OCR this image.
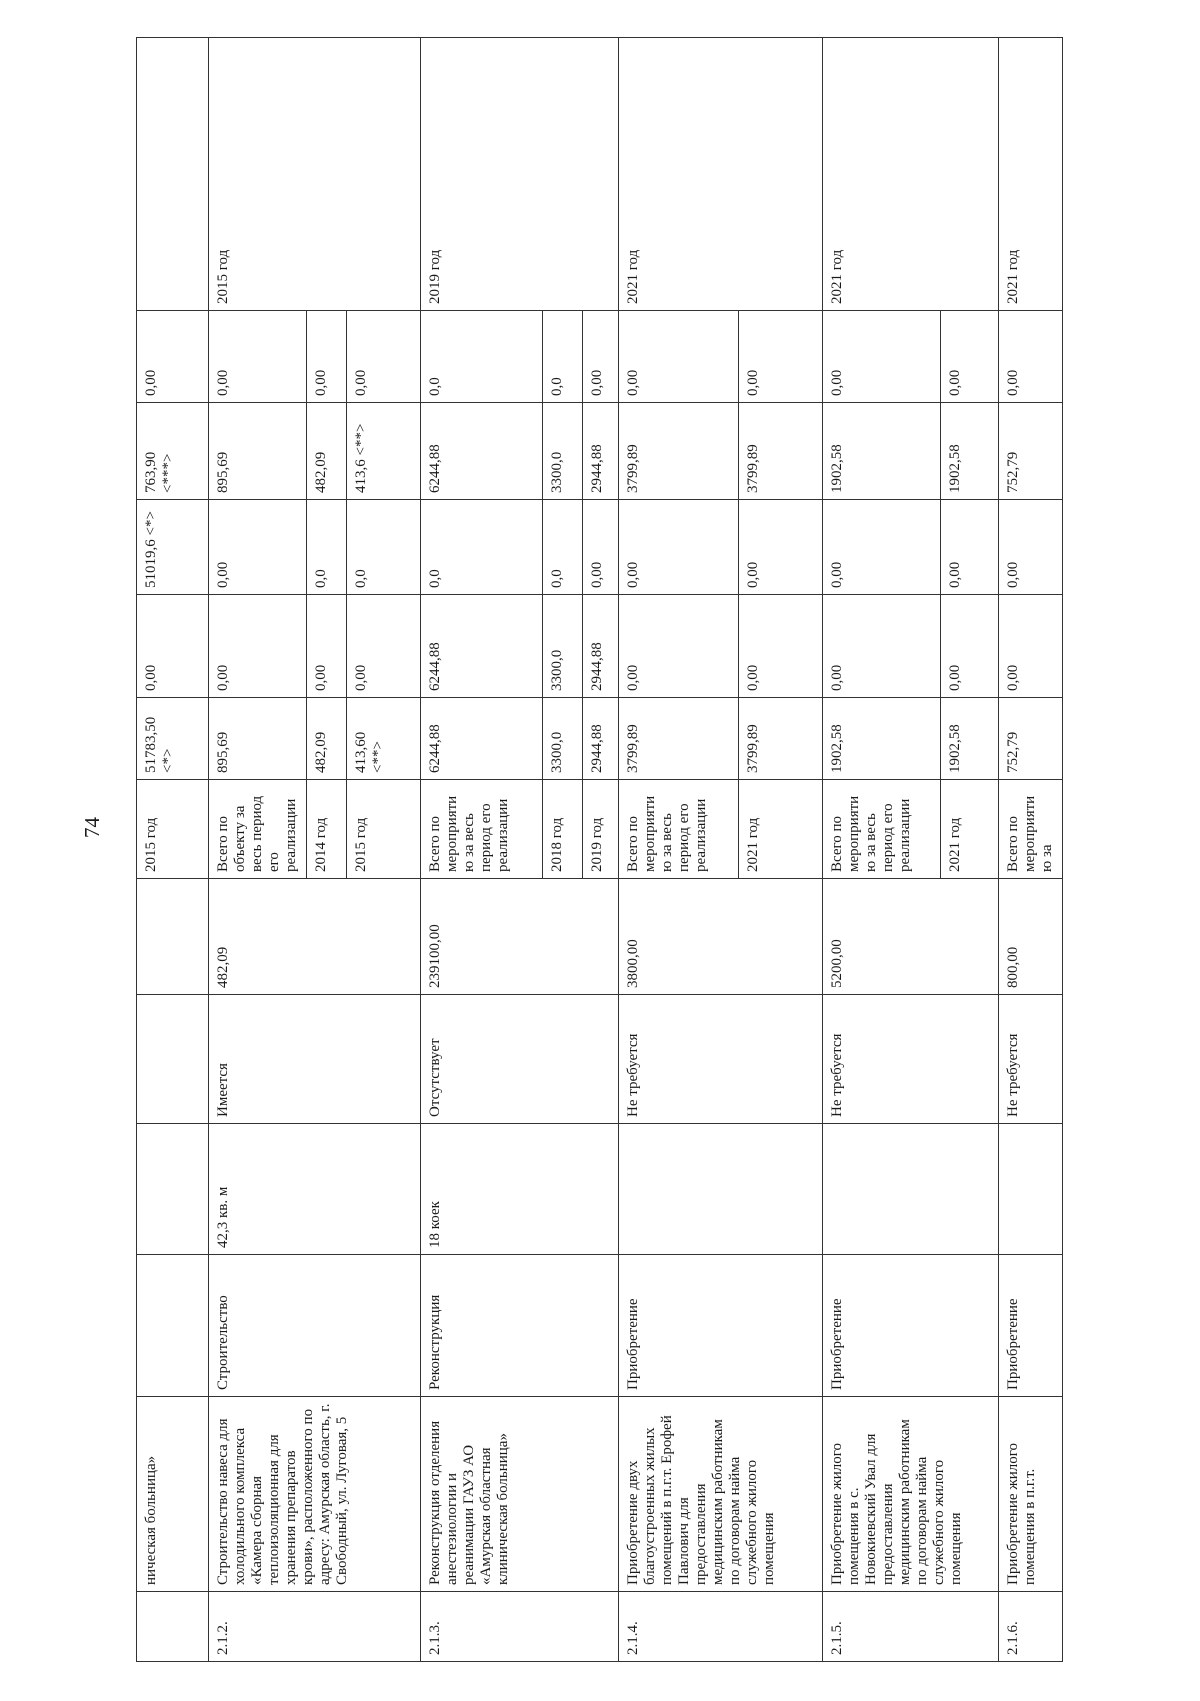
74
	ническая больница»					2015 год	51783,50 <*>	0,00	51019,6 <*>	763,90 <***>	0,00	
2.1.2.	Строительство навеса для холодильного комплекса «Камера сборная теплоизоляционная для хранения препаратов крови», расположенного по адресу: Амурская область, г. Свободный, ул. Луговая, 5	Строительство	42,3 кв. м	Имеется	482,09	Всего по объекту за весь период его реализации	895,69	0,00	0,00	895,69	0,00	2015 год
						2014 год	482,09	0,00	0,0	482,09	0,00	
						2015 год	413,60 <**>	0,00	0,0	413,6 <**>	0,00	
2.1.3.	Реконструкция отделения анестезиологии и реанимации ГАУЗ АО «Амурская областная клиническая больница»	Реконструкция	18 коек	Отсутствует	239100,00	Всего по мероприятию за весь период его реализации	6244,88	6244,88	0,0	6244,88	0,0	2019 год
						2018 год	3300,0	3300,0	0,0	3300,0	0,0	
						2019 год	2944,88	2944,88	0,00	2944,88	0,00	
2.1.4.	Приобретение двух благоустроенных жилых помещений в п.г.т. Ерофей Павлович для предоставления медицинским работникам по договорам найма служебного жилого помещения	Приобретение		Не требуется	3800,00	Всего по мероприятию за весь период его реализации	3799,89	0,00	0,00	3799,89	0,00	2021 год
						2021 год	3799,89	0,00	0,00	3799,89	0,00	
2.1.5.	Приобретение жилого помещения в с. Новокиевский Увал для предоставления медицинским работникам по договорам найма служебного жилого помещения	Приобретение		Не требуется	5200,00	Всего по мероприятию за весь период его реализации	1902,58	0,00	0,00	1902,58	0,00	2021 год
						2021 год	1902,58	0,00	0,00	1902,58	0,00	
2.1.6.	Приобретение жилого помещения в п.г.т.	Приобретение		Не требуется	800,00	Всего по мероприятию за	752,79	0,00	0,00	752,79	0,00	2021 год
